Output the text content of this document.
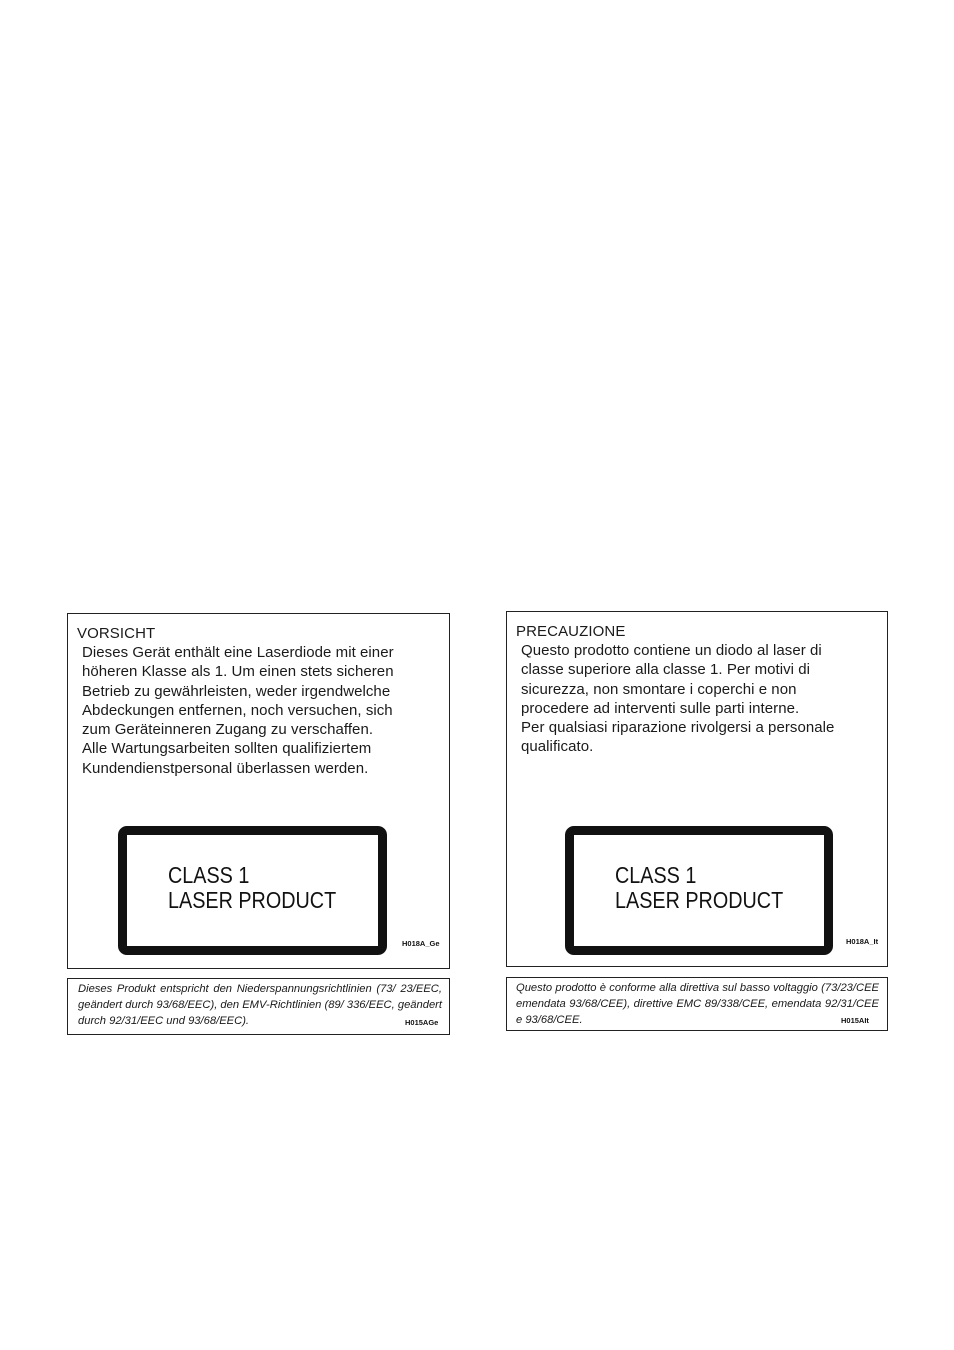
VORSICHT
Dieses Gerät enthält eine Laserdiode mit einer
höheren Klasse als 1. Um einen stets sicheren
Betrieb zu gewährleisten, weder irgendwelche
Abdeckungen entfernen, noch versuchen, sich
zum Geräteinneren Zugang zu verschaffen.
Alle Wartungsarbeiten sollten qualifiziertem
Kundendienstpersonal überlassen werden.
CLASS 1
LASER PRODUCT
H018A_Ge
Dieses Produkt entspricht den Niederspannungsrichtlinien (73/ 23/EEC, geändert durch 93/68/EEC), den EMV-Richtlinien (89/ 336/EEC, geändert durch 92/31/EEC und 93/68/EEC).	H015AGe
PRECAUZIONE
Questo prodotto contiene un diodo al laser di
classe superiore alla classe 1. Per motivi di
sicurezza, non smontare i coperchi e non
procedere ad interventi sulle parti interne.
Per qualsiasi riparazione rivolgersi a personale
qualificato.
CLASS 1
LASER PRODUCT
H018A_It
Questo prodotto è conforme alla direttiva sul basso voltaggio (73/23/CEE emendata 93/68/CEE), direttive EMC 89/338/CEE, emendata 92/31/CEE e 93/68/CEE.	H015AIt
